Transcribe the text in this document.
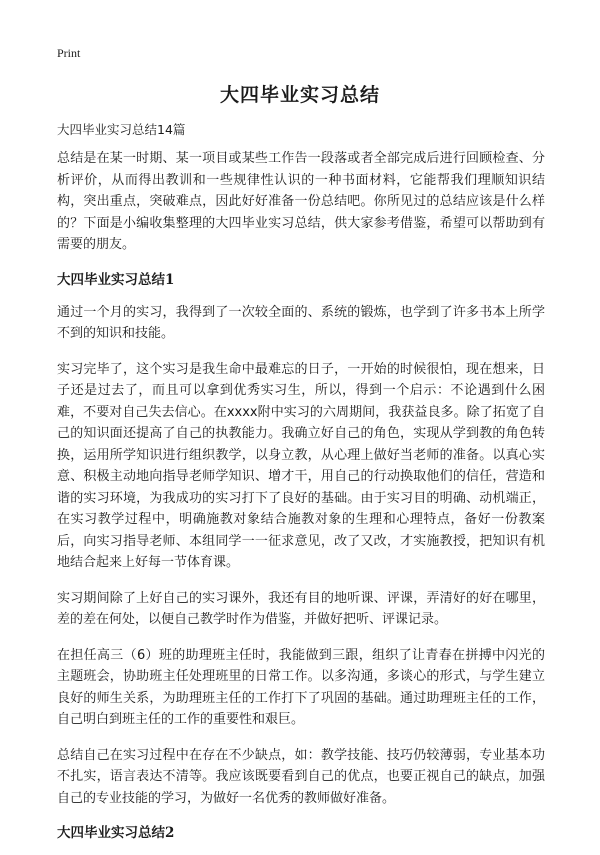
Print
大四毕业实习总结
大四毕业实习总结14篇

总结是在某一时期、某一项目或某些工作告一段落或者全部完成后进行回顾检查、分析评价，从而得出教训和一些规律性认识的一种书面材料，它能帮我们理顺知识结构，突出重点，突破难点，因此好好准备一份总结吧。你所见过的总结应该是什么样的？下面是小编收集整理的大四毕业实习总结，供大家参考借鉴，希望可以帮助到有需要的朋友。

大四毕业实习总结1

通过一个月的实习，我得到了一次较全面的、系统的锻炼，也学到了许多书本上所学不到的知识和技能。

实习完毕了，这个实习是我生命中最难忘的日子，一开始的时候很怕，现在想来，日子还是过去了，而且可以拿到优秀实习生，所以，得到一个启示：不论遇到什么困难，不要对自己失去信心。在xxxx附中实习的六周期间，我获益良多。除了拓宽了自己的知识面还提高了自己的执教能力。我确立好自己的角色，实现从学到教的角色转换，运用所学知识进行组织教学，以身立教，从心理上做好当老师的准备。以真心实意、积极主动地向指导老师学知识、增才干，用自己的行动换取他们的信任，营造和谐的实习环境，为我成功的实习打下了良好的基础。由于实习目的明确、动机端正，在实习教学过程中，明确施教对象结合施教对象的生理和心理特点，备好一份教案后，向实习指导老师、本组同学一一征求意见，改了又改，才实施教授，把知识有机地结合起来上好每一节体育课。

实习期间除了上好自己的实习课外，我还有目的地听课、评课，弄清好的好在哪里，差的差在何处，以便自己教学时作为借鉴，并做好把听、评课记录。

在担任高三（6）班的助理班主任时，我能做到三跟，组织了让青春在拼搏中闪光的主题班会，协助班主任处理班里的日常工作。以多沟通，多谈心的形式，与学生建立良好的师生关系，为助理班主任的工作打下了巩固的基础。通过助理班主任的工作，自己明白到班主任的工作的重要性和艰巨。

总结自己在实习过程中在存在不少缺点，如：教学技能、技巧仍较薄弱，专业基本功不扎实，语言表达不清等。我应该既要看到自己的优点，也要正视自己的缺点，加强自己的专业技能的学习，为做好一名优秀的教师做好准备。

大四毕业实习总结2
